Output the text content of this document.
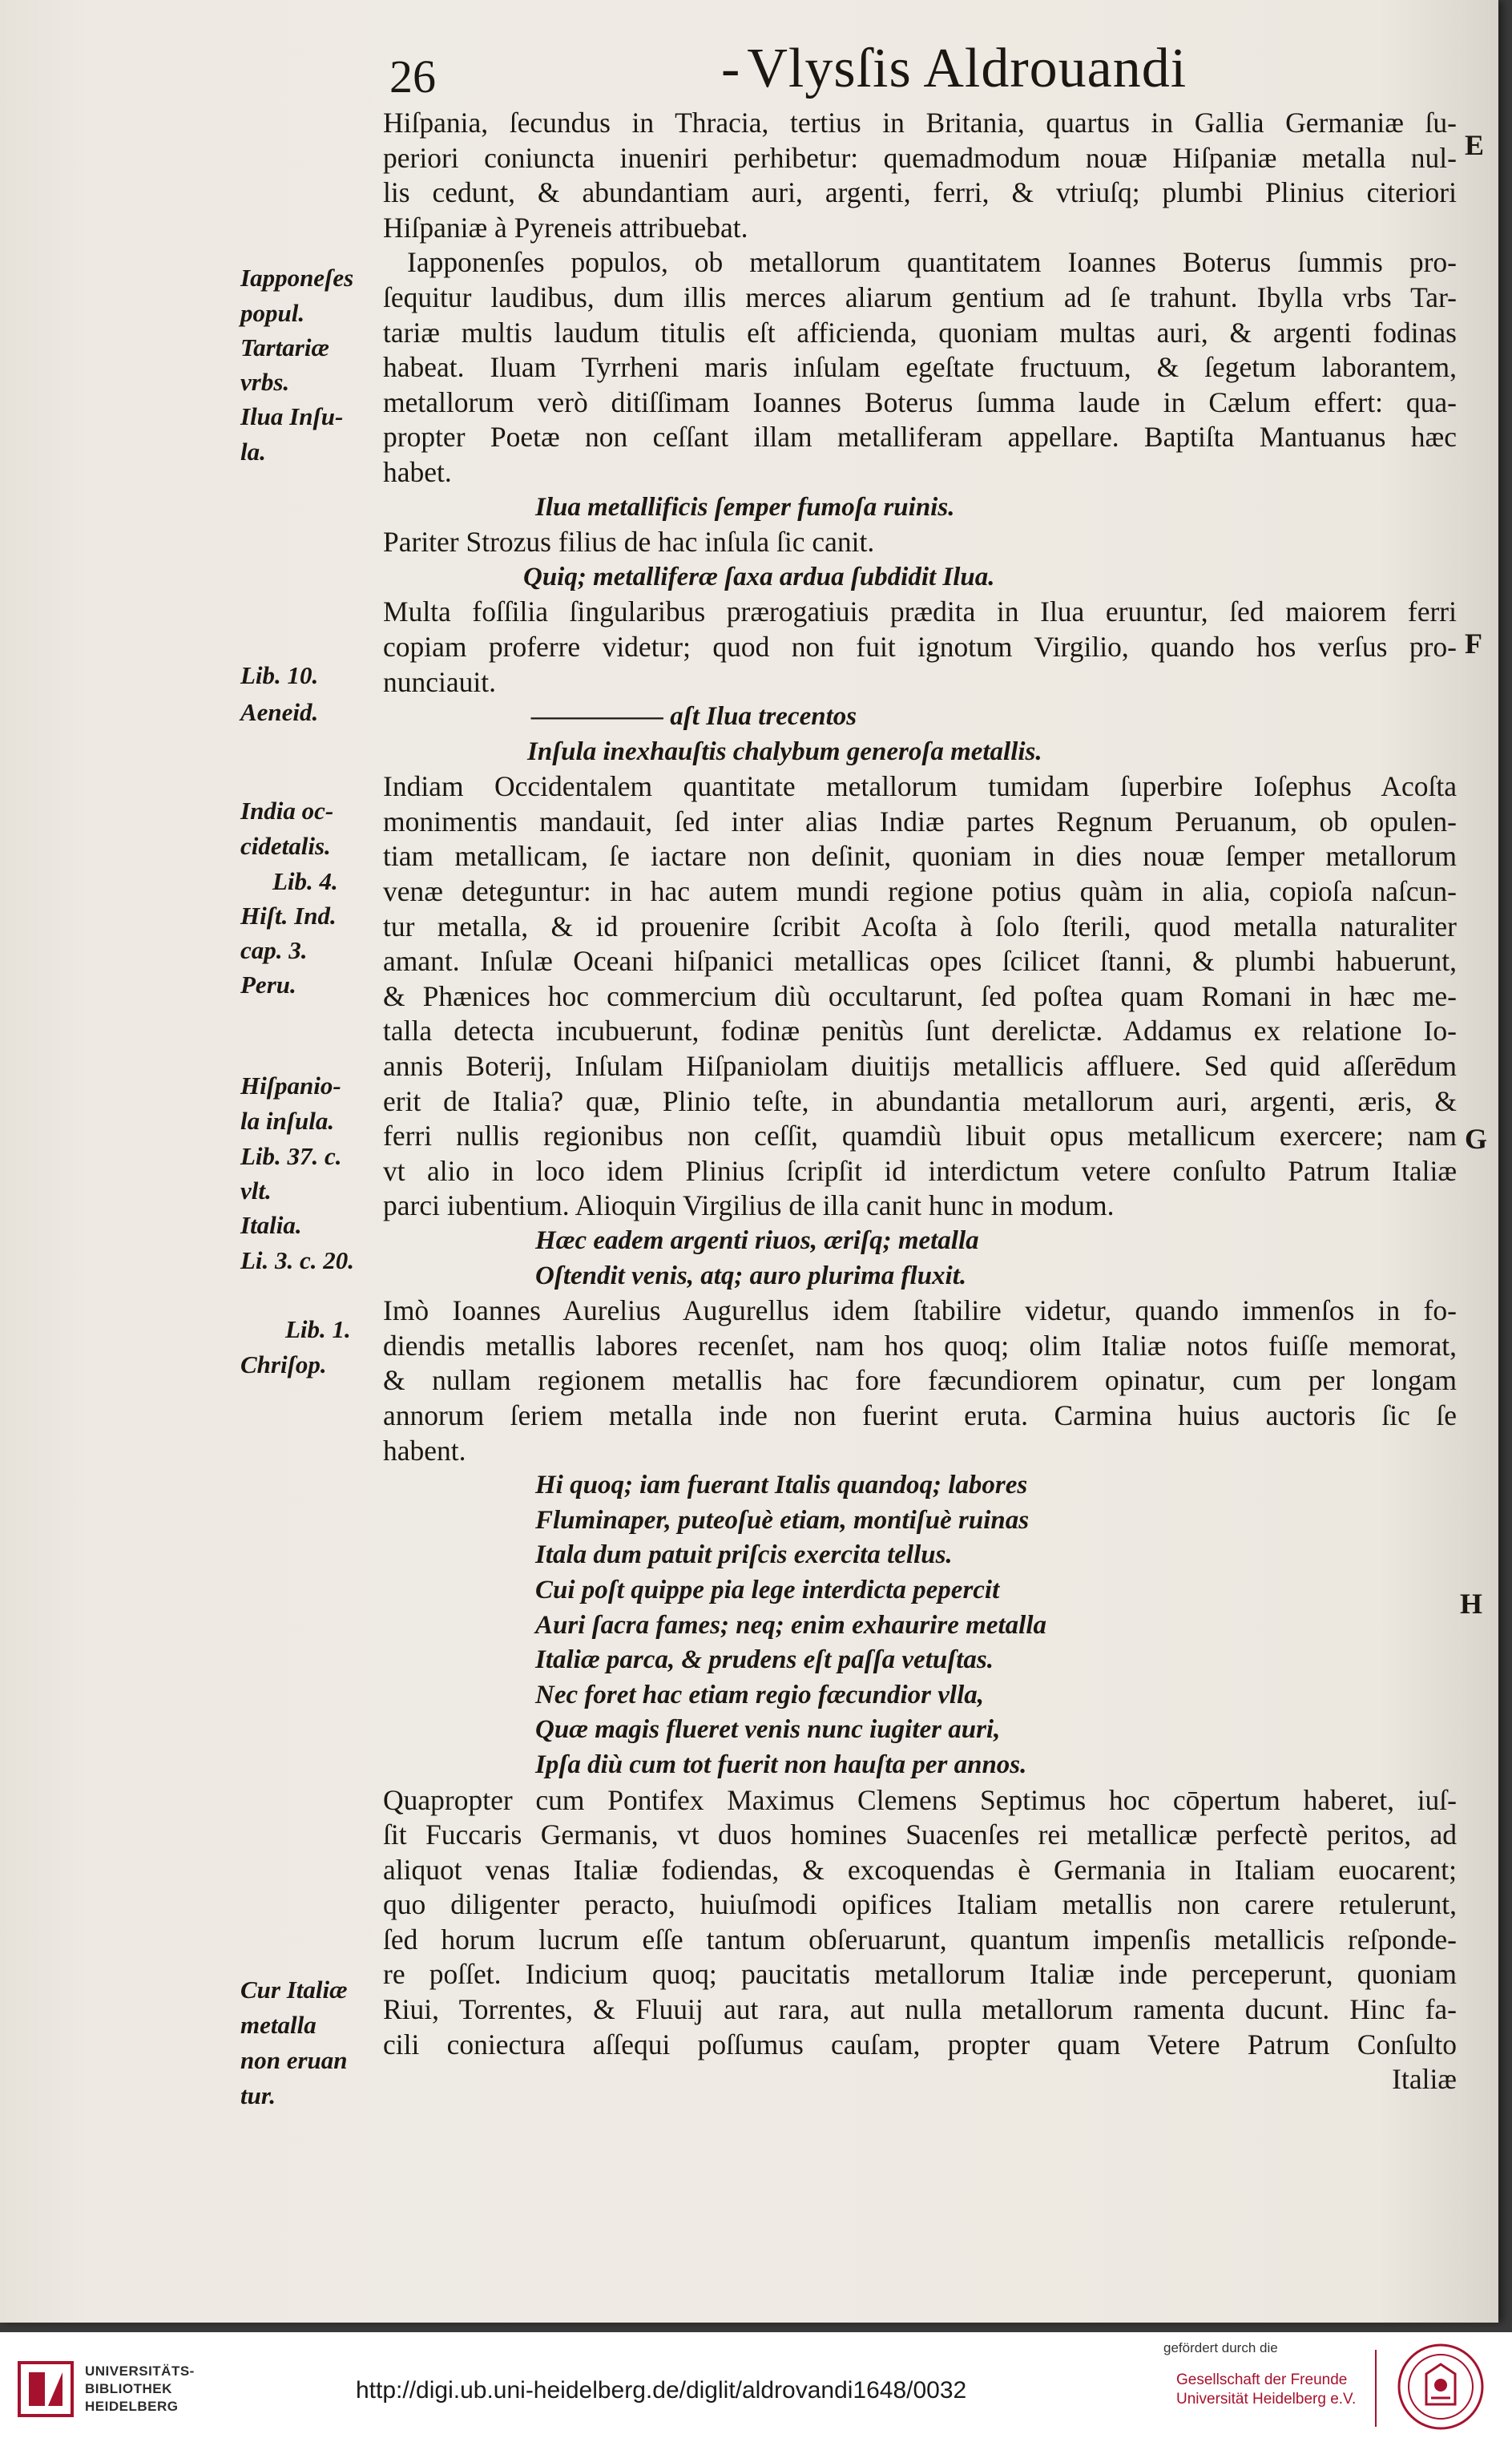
26	- Vlysſis Aldrouandi
Hiſpania, ſecundus in Thracia, tertius in Britania, quartus in Gallia Germaniæ ſu-
periori coniuncta inueniri perhibetur: quemadmodum nouæ Hiſpaniæ metalla nul-
lis cedunt, & abundantiam auri, argenti, ferri, & vtriuſq; plumbi Plinius citeriori
Hiſpaniæ à Pyreneis attribuebat.
Iapponenſes populos, ob metallorum quantitatem Ioannes Boterus ſummis pro-
ſequitur laudibus, dum illis merces aliarum gentium ad ſe trahunt. Ibylla vrbs Tar-
tariæ multis laudum titulis eſt afficienda, quoniam multas auri, & argenti fodinas
habeat. Iluam Tyrrheni maris inſulam egeſtate fructuum, & ſegetum laborantem,
metallorum verò ditiſſimam Ioannes Boterus ſumma laude in Cælum effert: qua-
propter Poetæ non ceſſant illam metalliferam appellare. Baptiſta Mantuanus hæc
habet.
Ilua metallificis ſemper fumoſa ruinis.
Pariter Strozus filius de hac inſula ſic canit.
Quiq; metalliferæ ſaxa ardua ſubdidit Ilua.
Multa foſſilia ſingularibus prærogatiuis prædita in Ilua eruuntur, ſed maiorem ferri
copiam proferre videtur; quod non fuit ignotum Virgilio, quando hos verſus pro-
nunciauit.
————— aſt Ilua trecentos
Inſula inexhauſtis chalybum generoſa metallis.
Indiam Occidentalem quantitate metallorum tumidam ſuperbire Ioſephus Acoſta
monimentis mandauit, ſed inter alias Indiæ partes Regnum Peruanum, ob opulen-
tiam metallicam, ſe iactare non deſinit, quoniam in dies nouæ ſemper metallorum
venæ deteguntur: in hac autem mundi regione potius quàm in alia, copioſa naſcun-
tur metalla, & id prouenire ſcribit Acoſta à ſolo ſterili, quod metalla naturaliter
amant. Inſulæ Oceani hiſpanici metallicas opes ſcilicet ſtanni, & plumbi habuerunt,
& Phænices hoc commercium diù occultarunt, ſed poſtea quam Romani in hæc me-
talla detecta incubuerunt, fodinæ penitùs ſunt derelictæ. Addamus ex relatione Io-
annis Boterij, Inſulam Hiſpaniolam diuitijs metallicis affluere. Sed quid aſſerēdum
erit de Italia? quæ, Plinio teſte, in abundantia metallorum auri, argenti, æris, &
ferri nullis regionibus non ceſſit, quamdiù libuit opus metallicum exercere; nam
vt alio in loco idem Plinius ſcripſit id interdictum vetere conſulto Patrum Italiæ
parci iubentium. Alioquin Virgilius de illa canit hunc in modum.
Hæc eadem argenti riuos, æriſq; metalla
Oſtendit venis, atq; auro plurima fluxit.
Imò Ioannes Aurelius Augurellus idem ſtabilire videtur, quando immenſos in fo-
diendis metallis labores recenſet, nam hos quoq; olim Italiæ notos fuiſſe memorat,
& nullam regionem metallis hac fore fæcundiorem opinatur, cum per longam
annorum ſeriem metalla inde non fuerint eruta. Carmina huius auctoris ſic ſe
habent.
Hi quoq; iam fuerant Italis quandoq; labores
Fluminaper, puteoſuè etiam, montiſuè ruinas
Itala dum patuit priſcis exercita tellus.
Cui poſt quippe pia lege interdicta pepercit
Auri ſacra fames; neq; enim exhaurire metalla
Italiæ parca, & prudens eſt paſſa vetuſtas.
Nec foret hac etiam regio fæcundior vlla,
Quæ magis flueret venis nunc iugiter auri,
Ipſa diù cum tot fuerit non hauſta per annos.
Quapropter cum Pontifex Maximus Clemens Septimus hoc cōpertum haberet, iuſ-
ſit Fuccaris Germanis, vt duos homines Suacenſes rei metallicæ perfectè peritos, ad
aliquot venas Italiæ fodiendas, & excoquendas è Germania in Italiam euocarent;
quo diligenter peracto, huiuſmodi opifices Italiam metallis non carere retulerunt,
ſed horum lucrum eſſe tantum obſeruarunt, quantum impenſis metallicis reſponde-
re poſſet. Indicium quoq; paucitatis metallorum Italiæ inde perceperunt, quoniam
Riui, Torrentes, & Fluuij aut rara, aut nulla metallorum ramenta ducunt. Hinc fa-
cili coniectura aſſequi poſſumus cauſam, propter quam Vetere Patrum Conſulto
Italiæ
Iapponeſes
popul.
Tartariæ
vrbs.
Ilua Inſu-
la.
Lib. 10.
Aeneid.
India oc-
cidetalis.
Lib. 4.
Hiſt. Ind.
cap. 3.
Peru.
Hiſpanio-
la inſula.
Lib. 37. c.
vlt.
Italia.
Li. 3. c. 20.
Lib. 1.
Chriſop.
Cur Italiæ
metalla
non eruan
tur.
E
F
G
H
UNIVERSITÄTS-
BIBLIOTHEK
HEIDELBERG
http://digi.ub.uni-heidelberg.de/diglit/aldrovandi1648/0032
gefördert durch die
Gesellschaft der Freunde
Universität Heidelberg e.V.
